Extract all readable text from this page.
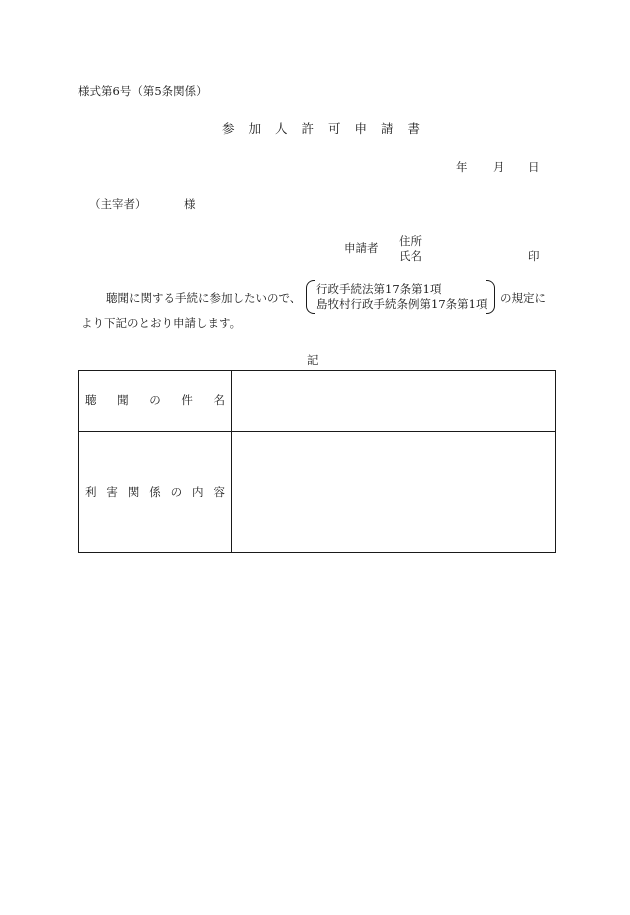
様式第6号（第5条関係）
参加人許可申請書
年 月 日
（主宰者）	様
申請者 住所
氏名	印
聴聞に関する手続に参加したいので、
行政手続法第17条第1項
島牧村行政手続条例第17条第1項 の規定に
より下記のとおり申請します。
記
聴 聞 の 件 名
利 害 関 係 の 内 容
